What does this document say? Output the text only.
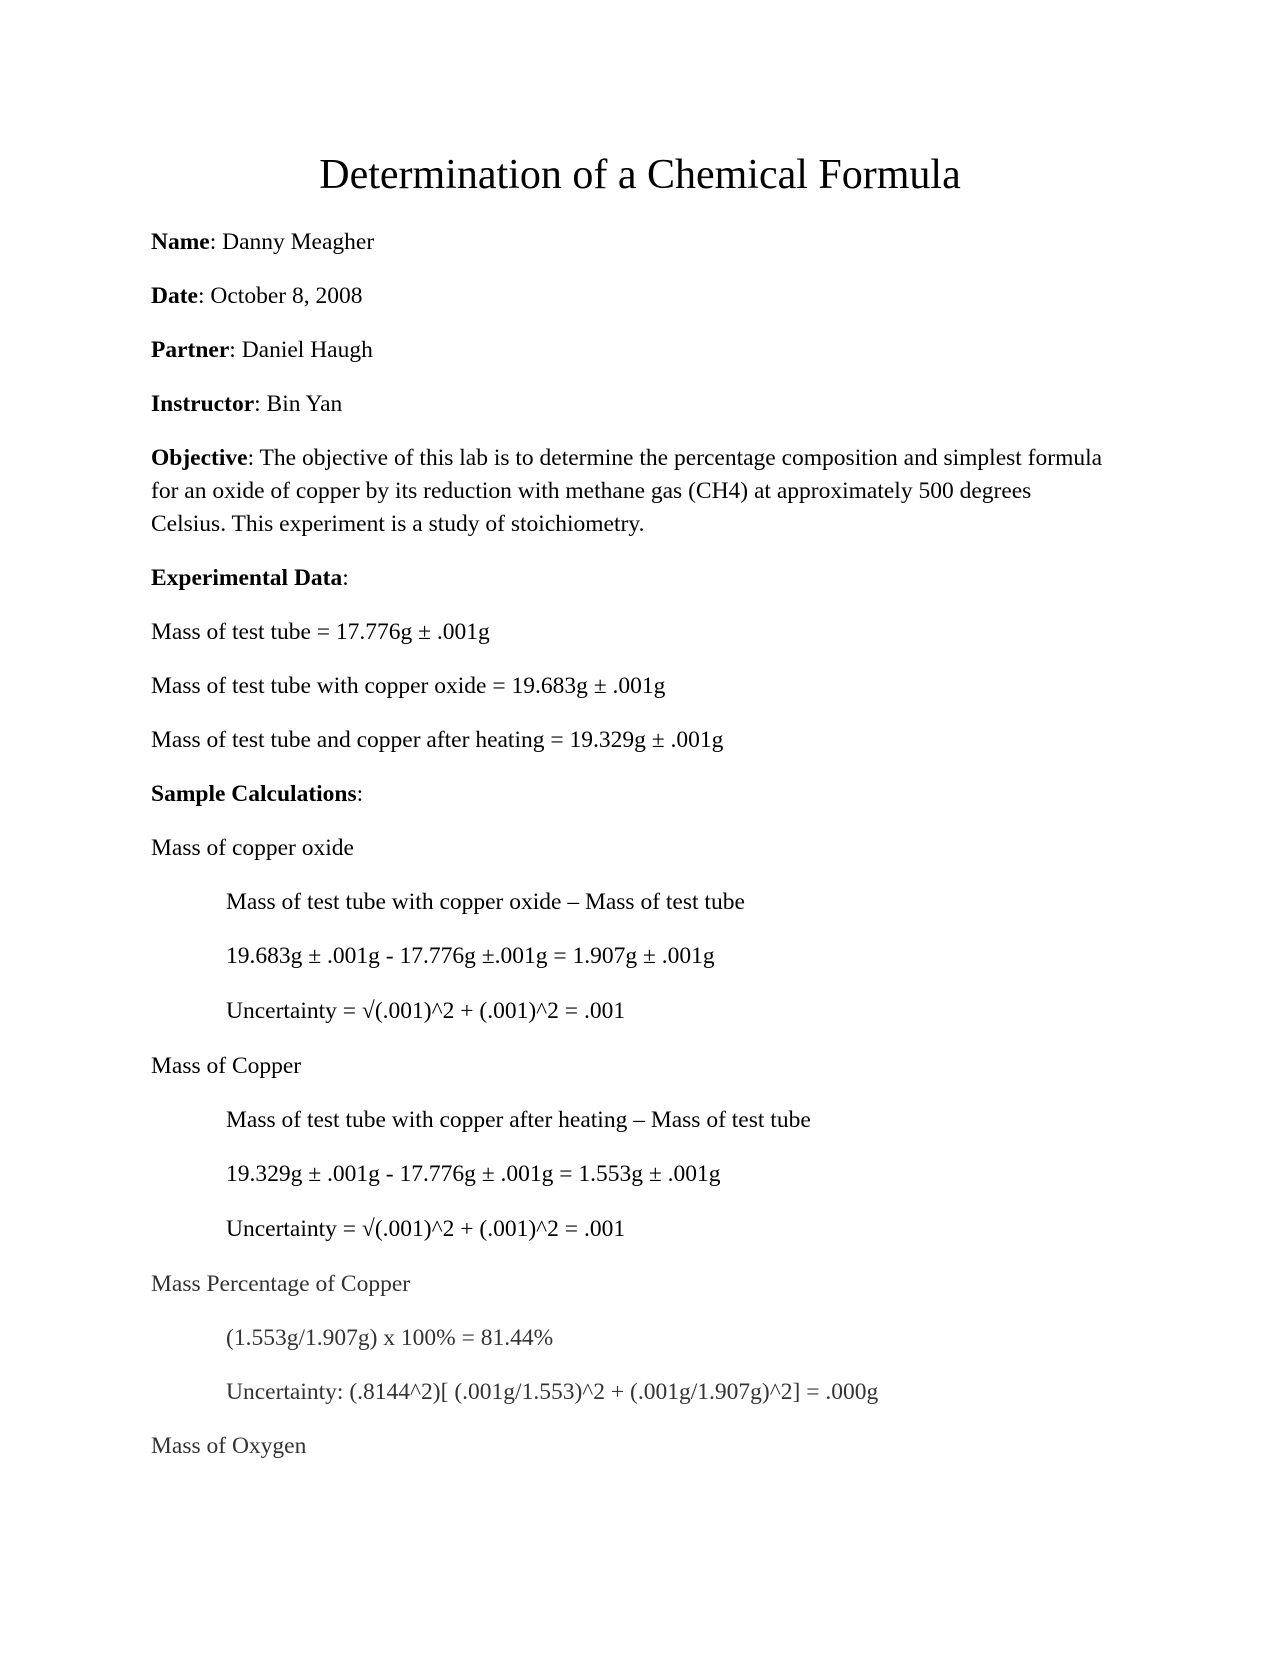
Determination of a Chemical Formula
Name: Danny Meagher
Date: October 8, 2008
Partner: Daniel Haugh
Instructor: Bin Yan
Objective: The objective of this lab is to determine the percentage composition and simplest formula for an oxide of copper by its reduction with methane gas (CH4) at approximately 500 degrees Celsius. This experiment is a study of stoichiometry.
Experimental Data:
Mass of test tube = 17.776g ± .001g
Mass of test tube with copper oxide = 19.683g ± .001g
Mass of test tube and copper after heating = 19.329g ± .001g
Sample Calculations:
Mass of copper oxide
Mass of test tube with copper oxide – Mass of test tube
19.683g ± .001g - 17.776g ±.001g = 1.907g ± .001g
Uncertainty = √(.001)^2 + (.001)^2 = .001
Mass of Copper
Mass of test tube with copper after heating – Mass of test tube
19.329g ± .001g - 17.776g ± .001g = 1.553g ± .001g
Uncertainty = √(.001)^2 + (.001)^2 = .001
Mass Percentage of Copper
(1.553g/1.907g) x 100% = 81.44%
Uncertainty: (.8144^2)[ (.001g/1.553)^2 + (.001g/1.907g)^2] = .000g
Mass of Oxygen
